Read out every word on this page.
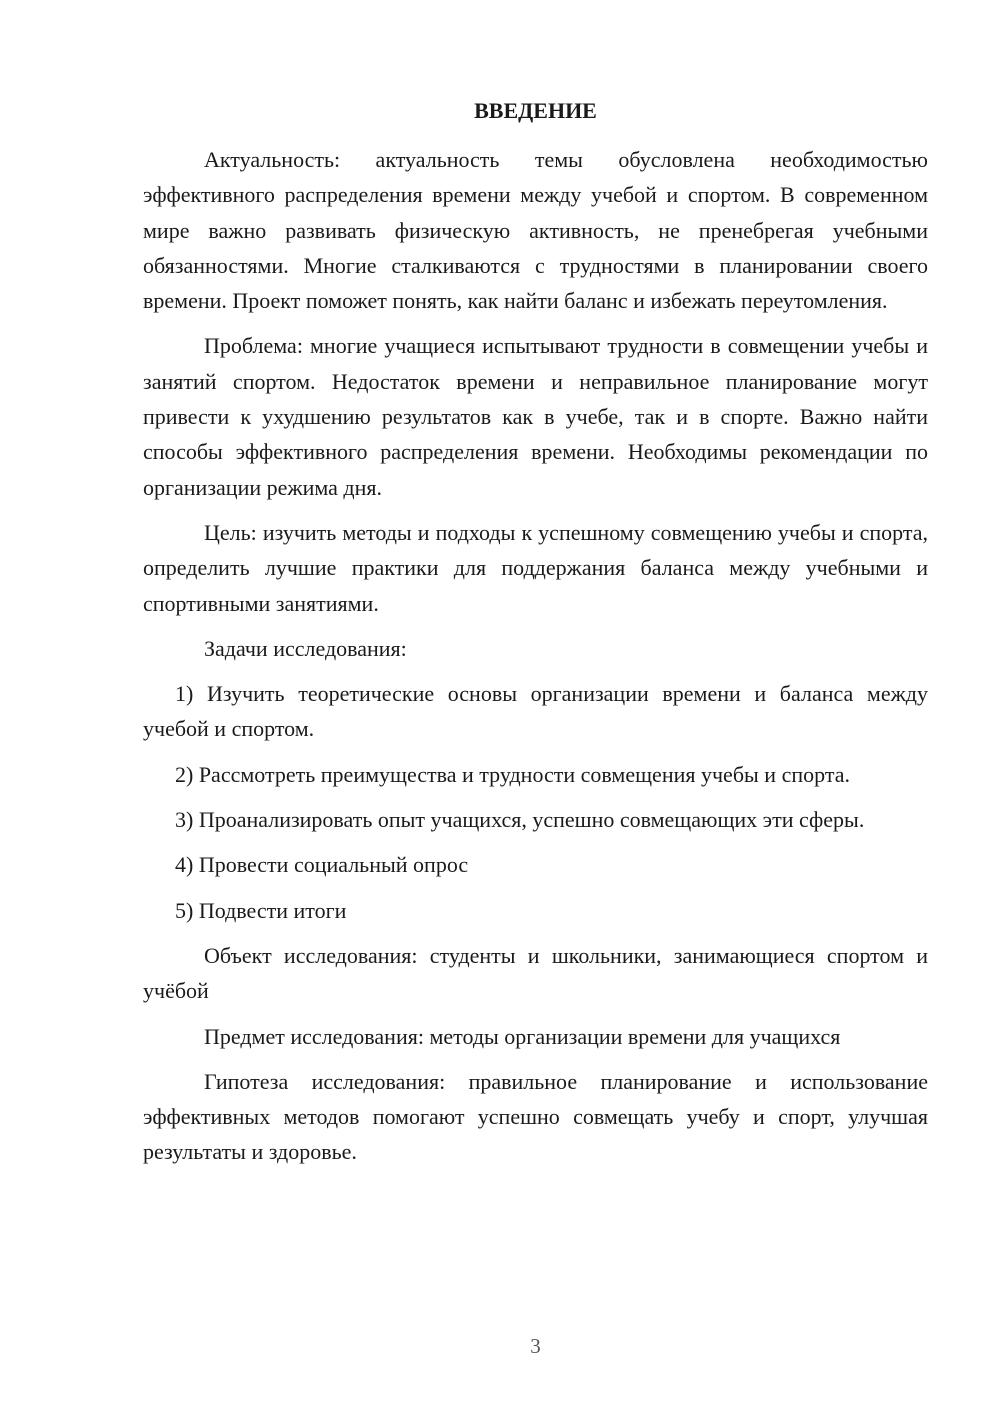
ВВЕДЕНИЕ

Актуальность: актуальность темы обусловлена необходимостью эффективного распределения времени между учебой и спортом. В современном мире важно развивать физическую активность, не пренебрегая учебными обязанностями. Многие сталкиваются с трудностями в планировании своего времени. Проект поможет понять, как найти баланс и избежать переутомления.

Проблема: многие учащиеся испытывают трудности в совмещении учебы и занятий спортом. Недостаток времени и неправильное планирование могут привести к ухудшению результатов как в учебе, так и в спорте. Важно найти способы эффективного распределения времени. Необходимы рекомендации по организации режима дня.

Цель: изучить методы и подходы к успешному совмещению учебы и спорта, определить лучшие практики для поддержания баланса между учебными и спортивными занятиями.

Задачи исследования:

1) Изучить теоретические основы организации времени и баланса между учебой и спортом.

2) Рассмотреть преимущества и трудности совмещения учебы и спорта.

3) Проанализировать опыт учащихся, успешно совмещающих эти сферы.

4) Провести социальный опрос

5) Подвести итоги

Объект исследования: студенты и школьники, занимающиеся спортом и учёбой

Предмет исследования: методы организации времени для учащихся

Гипотеза исследования: правильное планирование и использование эффективных методов помогают успешно совмещать учебу и спорт, улучшая результаты и здоровье.

3
